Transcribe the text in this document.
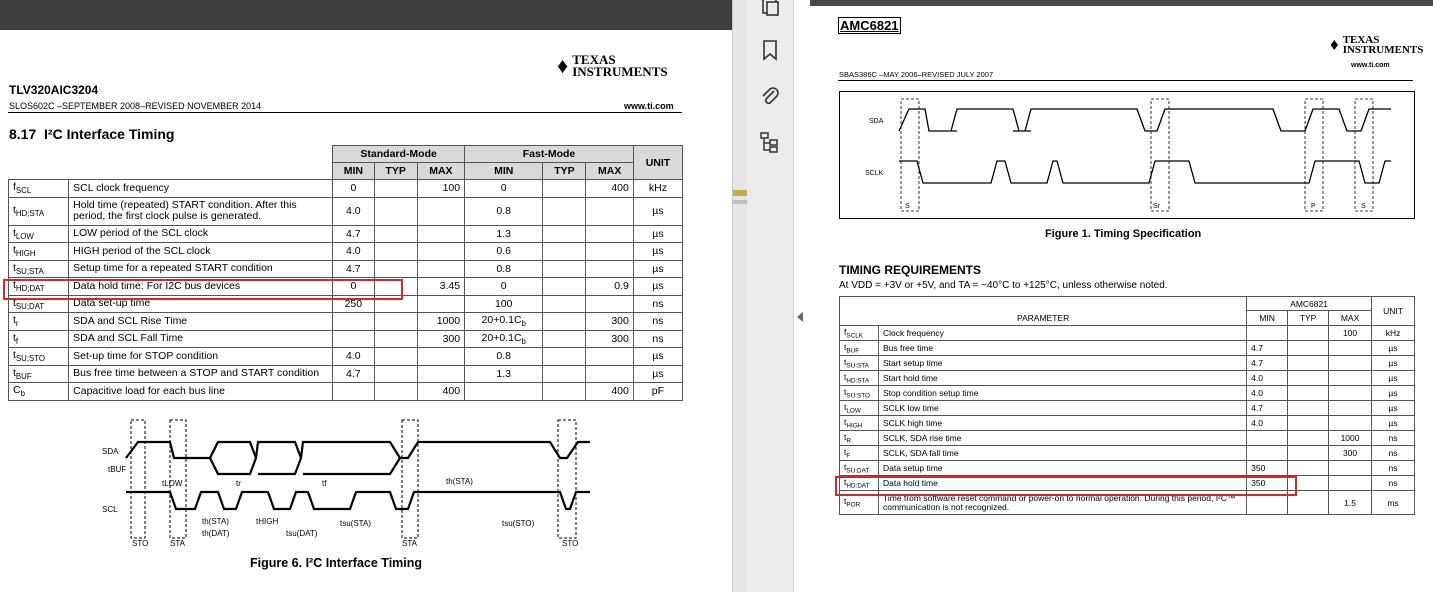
♦ TEXAS
INSTRUMENTS
TLV320AIC3204
SLOS602C –SEPTEMBER 2008–REVISED NOVEMBER 2014	www.ti.com
8.17 I²C Interface Timing
		Standard-Mode			Fast-Mode			UNIT
		MIN	TYP	MAX	MIN	TYP	MAX	
$f_{SCL}$	SCL clock frequency	0		100	0		400	kHz
$t_{HD;STA}$	Hold time (repeated) START condition. After this period, the first clock pulse is generated.	4.0			0.8			µs
$t_{LOW}$	LOW period of the SCL clock	4.7			1.3			µs
$t_{HIGH}$	HIGH period of the SCL clock	4.0			0.6			µs
$t_{SU;STA}$	Setup time for a repeated START condition	4.7			0.8			µs
$t_{HD;DAT}$	Data hold time: For I2C bus devices	0		3.45	0		0.9	µs
$t_{SU;DAT}$	Data set-up time	250			100			ns
$t_r$	SDA and SCL Rise Time			1000	$20+0.1C_b$		300	ns
$t_f$	SDA and SCL Fall Time			300	$20+0.1C_b$		300	ns
$t_{SU;STO}$	Set-up time for STOP condition	4.0			0.8			µs
$t_{BUF}$	Bus free time between a STOP and START condition	4.7			1.3			µs
$C_b$	Capacitive load for each bus line			400			400	pF
SDA
SCL
tBUF
tLOW	tr	tf	th(STA)
th(STA)
th(DAT)
tHIGH
tsu(DAT)
tsu(STA)	tsu(STO)
STO	STA	STA	STO
Figure 6. I²C Interface Timing
AMC6821
♦ TEXAS
INSTRUMENTS
www.ti.com
SBAS386C –MAY 2006–REVISED JULY 2007
SDA
SCLK
S	Sr	P	S
Figure 1. Timing Specification
TIMING REQUIREMENTS
At VDD = +3V or +5V, and TA = −40°C to +125°C, unless otherwise noted.
		AMC6821			UNIT
PARAMETER		MIN	TYP	MAX	
$f_{SCLK}$	Clock frequency			100	kHz
$t_{BUF}$	Bus free time	4.7			µs
$t_{SU:STA}$	Start setup time	4.7			µs
$t_{HD:STA}$	Start hold time	4.0			µs
$t_{SU:STO}$	Stop condition setup time	4.0			µs
$t_{LOW}$	SCLK low time	4.7			µs
$t_{HIGH}$	SCLK high time	4.0			µs
$t_R$	SCLK, SDA rise time			1000	ns
$t_F$	SCLK, SDA fall time			300	ns
$t_{SU:DAT}$	Data setup time	350			ns
$t_{HD:DAT}$	Data hold time	350			ns
$t_{POR}$	Time from software reset command or power-on to normal operation. During this period, I²C™ communication is not recognized.			1.5	ms
